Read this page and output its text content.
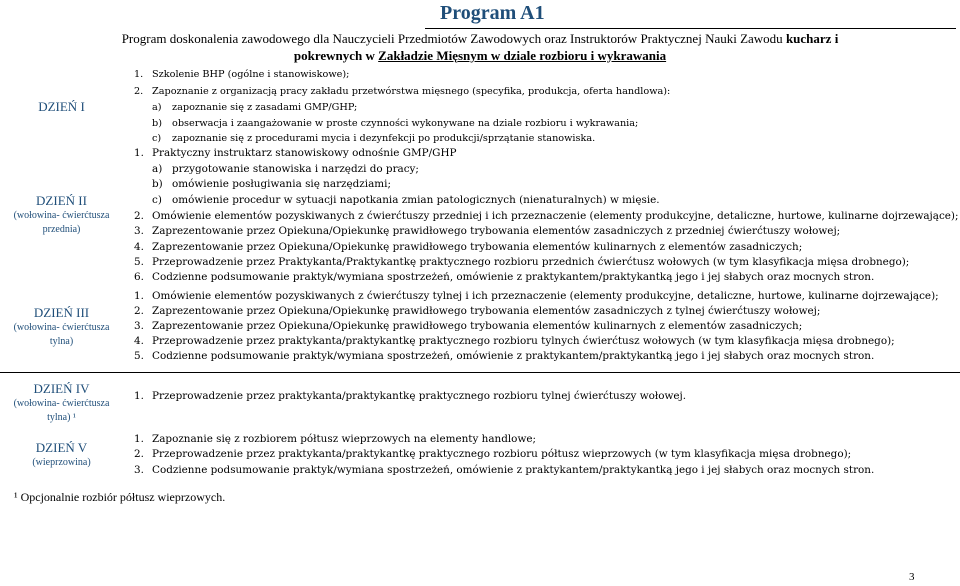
Program A1
Program doskonalenia zawodowego dla Nauczycieli Przedmiotów Zawodowych oraz Instruktorów Praktycznej Nauki Zawodu kucharz i
pokrewnych w Zakładzie Mięsnym w dziale rozbioru i wykrawania
DZIEŃ I
DZIEŃ II
(wołowina- ćwierćtusza
przednia)
DZIEŃ III
(wołowina- ćwierćtusza
tylna)
DZIEŃ IV
(wołowina- ćwierćtusza
tylna) ¹
DZIEŃ V
(wieprzowina)
1. Szkolenie BHP (ogólne i stanowiskowe);
2. Zapoznanie z organizacją pracy zakładu przetwórstwa mięsnego (specyfika, produkcja, oferta handlowa):
a) zapoznanie się z zasadami GMP/GHP;
b) obserwacja i zaangażowanie w proste czynności wykonywane na dziale rozbioru i wykrawania;
c) zapoznanie się z procedurami mycia i dezynfekcji po produkcji/sprzątanie stanowiska.
1. Praktyczny instruktarz stanowiskowy odnośnie GMP/GHP
a) przygotowanie stanowiska i narzędzi do pracy;
b) omówienie posługiwania się narzędziami;
c) omówienie procedur w sytuacji napotkania zmian patologicznych (nienaturalnych) w mięsie.
2. Omówienie elementów pozyskiwanych z ćwierćtuszy przedniej i ich przeznaczenie (elementy produkcyjne, detaliczne, hurtowe, kulinarne dojrzewające);
3. Zaprezentowanie przez Opiekuna/Opiekunkę prawidłowego trybowania elementów zasadniczych z przedniej ćwierćtuszy wołowej;
4. Zaprezentowanie przez Opiekuna/Opiekunkę prawidłowego trybowania elementów kulinarnych z elementów zasadniczych;
5. Przeprowadzenie przez Praktykanta/Praktykantkę praktycznego rozbioru przednich ćwierćtusz wołowych (w tym klasyfikacja mięsa drobnego);
6. Codzienne podsumowanie praktyk/wymiana spostrzeżeń, omówienie z praktykantem/praktykantką jego i jej słabych oraz mocnych stron.
1. Omówienie elementów pozyskiwanych z ćwierćtuszy tylnej i ich przeznaczenie (elementy produkcyjne, detaliczne, hurtowe, kulinarne dojrzewające);
2. Zaprezentowanie przez Opiekuna/Opiekunkę prawidłowego trybowania elementów zasadniczych z tylnej ćwierćtuszy wołowej;
3. Zaprezentowanie przez Opiekuna/Opiekunkę prawidłowego trybowania elementów kulinarnych z elementów zasadniczych;
4. Przeprowadzenie przez praktykanta/praktykantkę praktycznego rozbioru tylnych ćwierćtusz wołowych (w tym klasyfikacja mięsa drobnego);
5. Codzienne podsumowanie praktyk/wymiana spostrzeżeń, omówienie z praktykantem/praktykantką jego i jej słabych oraz mocnych stron.
1. Przeprowadzenie przez praktykanta/praktykantkę praktycznego rozbioru tylnej ćwierćtuszy wołowej.
1. Zapoznanie się z rozbiorem półtusz wieprzowych na elementy handlowe;
2. Przeprowadzenie przez praktykanta/praktykantkę praktycznego rozbioru półtusz wieprzowych (w tym klasyfikacja mięsa drobnego);
3. Codzienne podsumowanie praktyk/wymiana spostrzeżeń, omówienie z praktykantem/praktykantką jego i jej słabych oraz mocnych stron.
¹ Opcjonalnie rozbiór półtusz wieprzowych.
3
